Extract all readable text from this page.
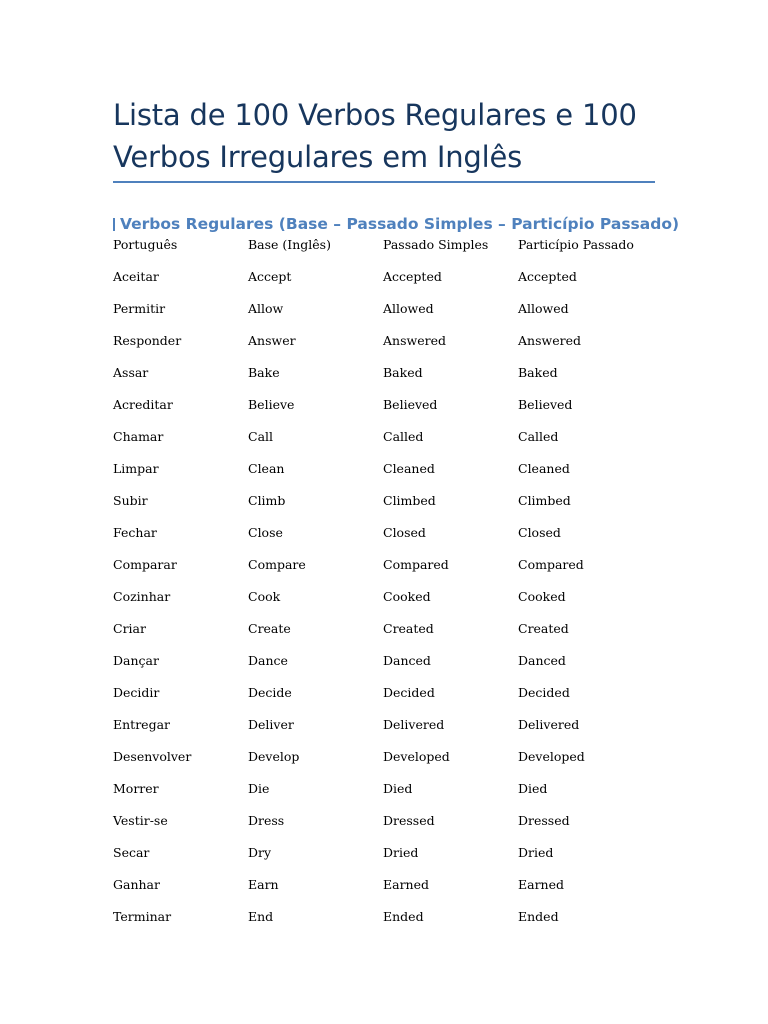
Lista de 100 Verbos Regulares e 100
Verbos Irregulares em Inglês
Verbos Regulares (Base – Passado Simples – Particípio Passado)
Português	Base (Inglês)	Passado Simples	Particípio Passado
Aceitar	Accept	Accepted	Accepted
Permitir	Allow	Allowed	Allowed
Responder	Answer	Answered	Answered
Assar	Bake	Baked	Baked
Acreditar	Believe	Believed	Believed
Chamar	Call	Called	Called
Limpar	Clean	Cleaned	Cleaned
Subir	Climb	Climbed	Climbed
Fechar	Close	Closed	Closed
Comparar	Compare	Compared	Compared
Cozinhar	Cook	Cooked	Cooked
Criar	Create	Created	Created
Dançar	Dance	Danced	Danced
Decidir	Decide	Decided	Decided
Entregar	Deliver	Delivered	Delivered
Desenvolver	Develop	Developed	Developed
Morrer	Die	Died	Died
Vestir-se	Dress	Dressed	Dressed
Secar	Dry	Dried	Dried
Ganhar	Earn	Earned	Earned
Terminar	End	Ended	Ended
